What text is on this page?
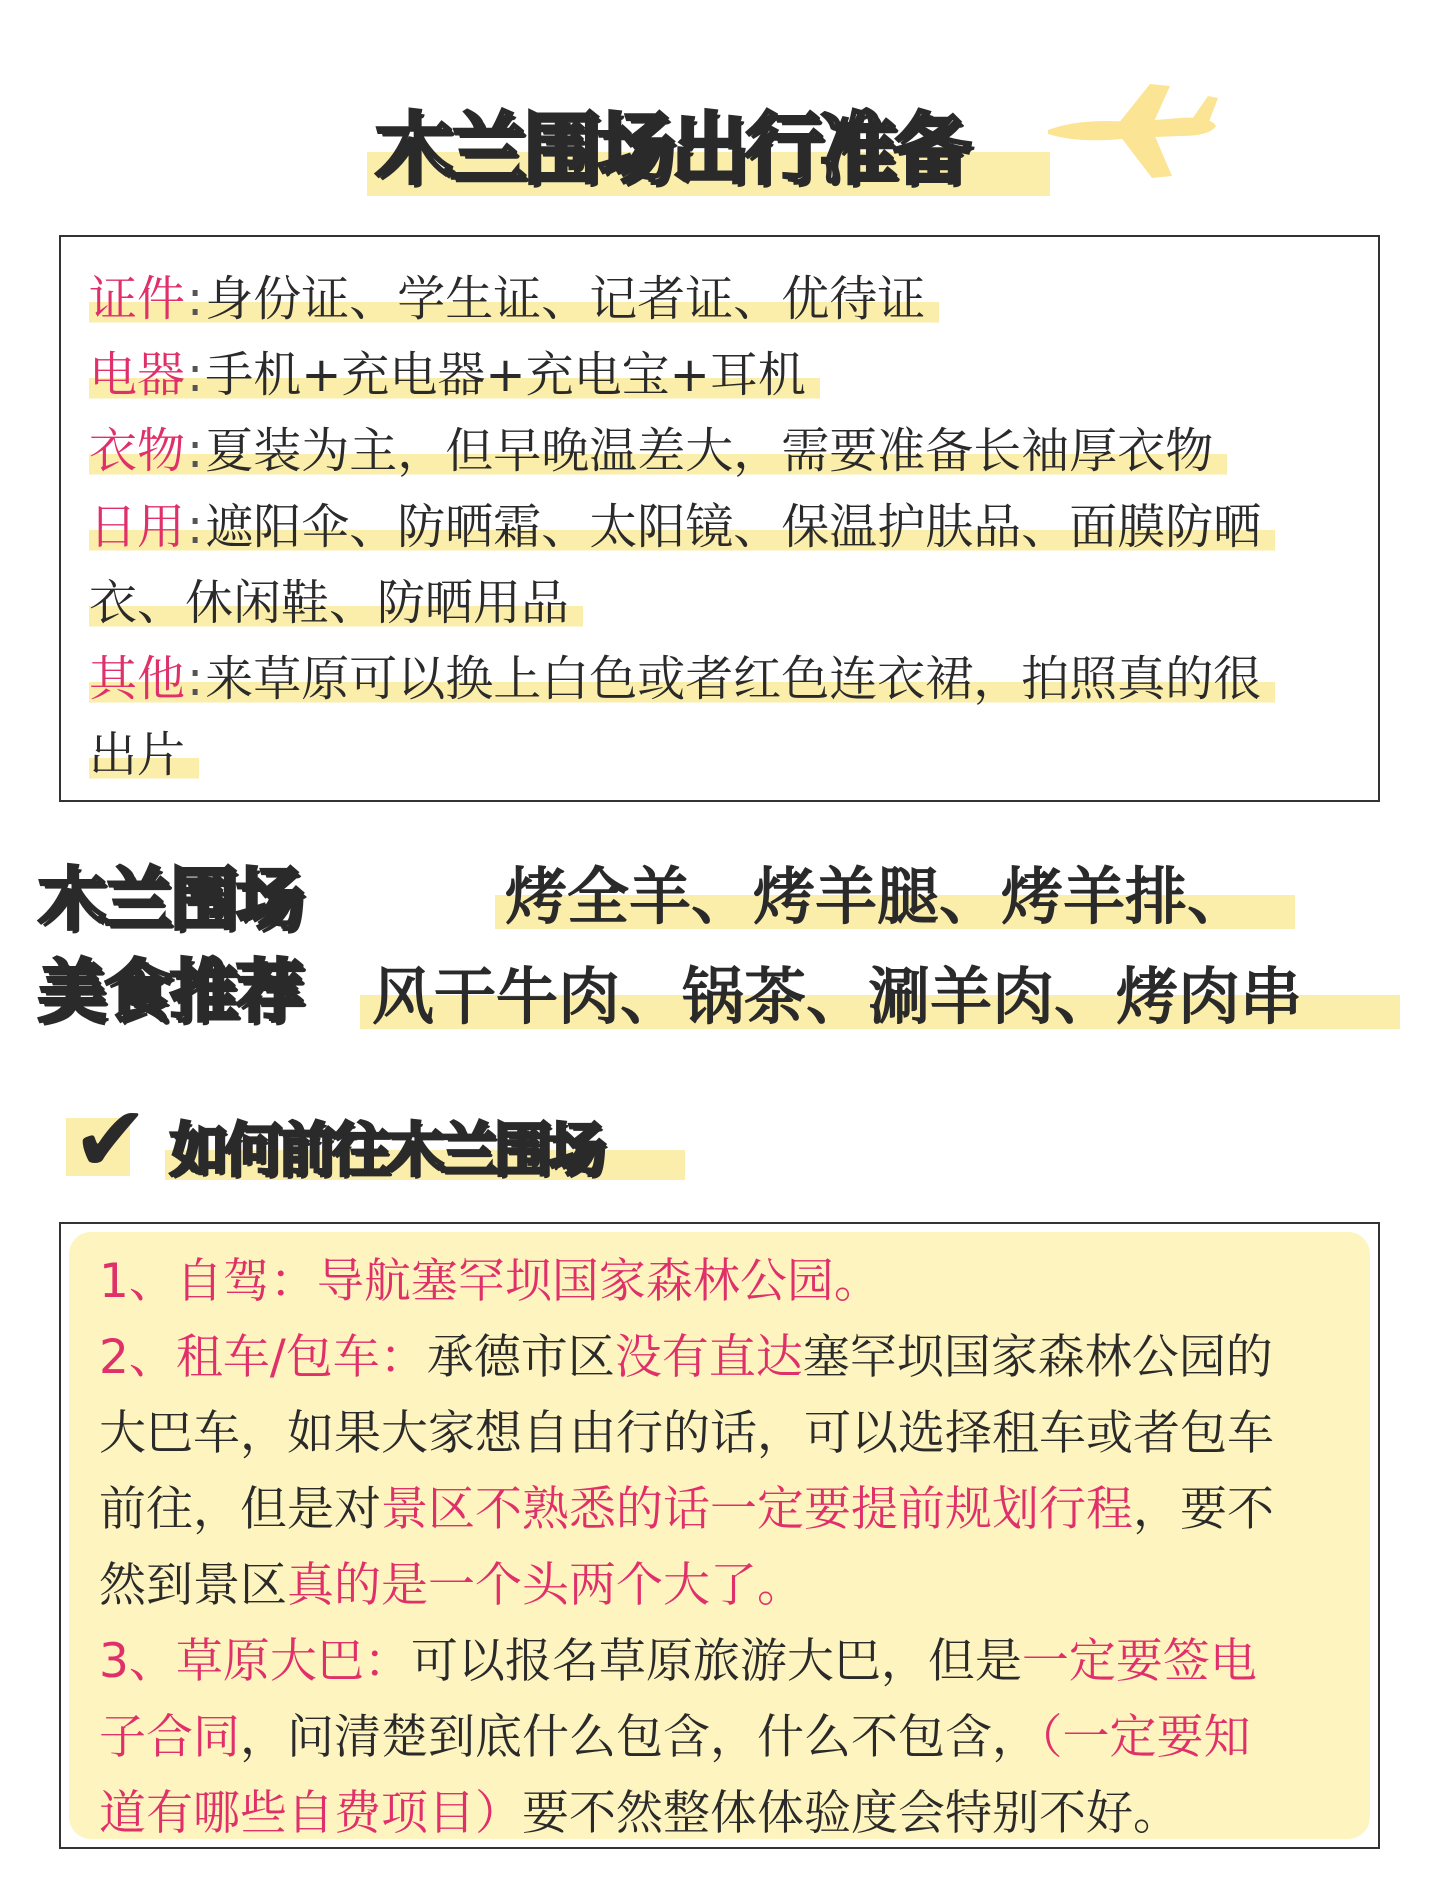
木兰围场出行准备
证件:身份证、学生证、记者证、优待证
电器:手机+充电器+充电宝+耳机
衣物:夏装为主，但早晚温差大，需要准备长袖厚衣物
日用:遮阳伞、防晒霜、太阳镜、保温护肤品、面膜防晒
衣、休闲鞋、防晒用品
其他:来草原可以换上白色或者红色连衣裙，拍照真的很
出片
木兰围场
美食推荐
烤全羊、烤羊腿、烤羊排、
风干牛肉、锅茶、涮羊肉、烤肉串
✔ 如何前往木兰围场
1、自驾：导航塞罕坝国家森林公园。
2、租车/包车：承德市区没有直达塞罕坝国家森林公园的
大巴车，如果大家想自由行的话，可以选择租车或者包车
前往，但是对景区不熟悉的话一定要提前规划行程，要不
然到景区真的是一个头两个大了。
3、草原大巴：可以报名草原旅游大巴，但是一定要签电
子合同，问清楚到底什么包含，什么不包含，（一定要知
道有哪些自费项目）要不然整体体验度会特别不好。
